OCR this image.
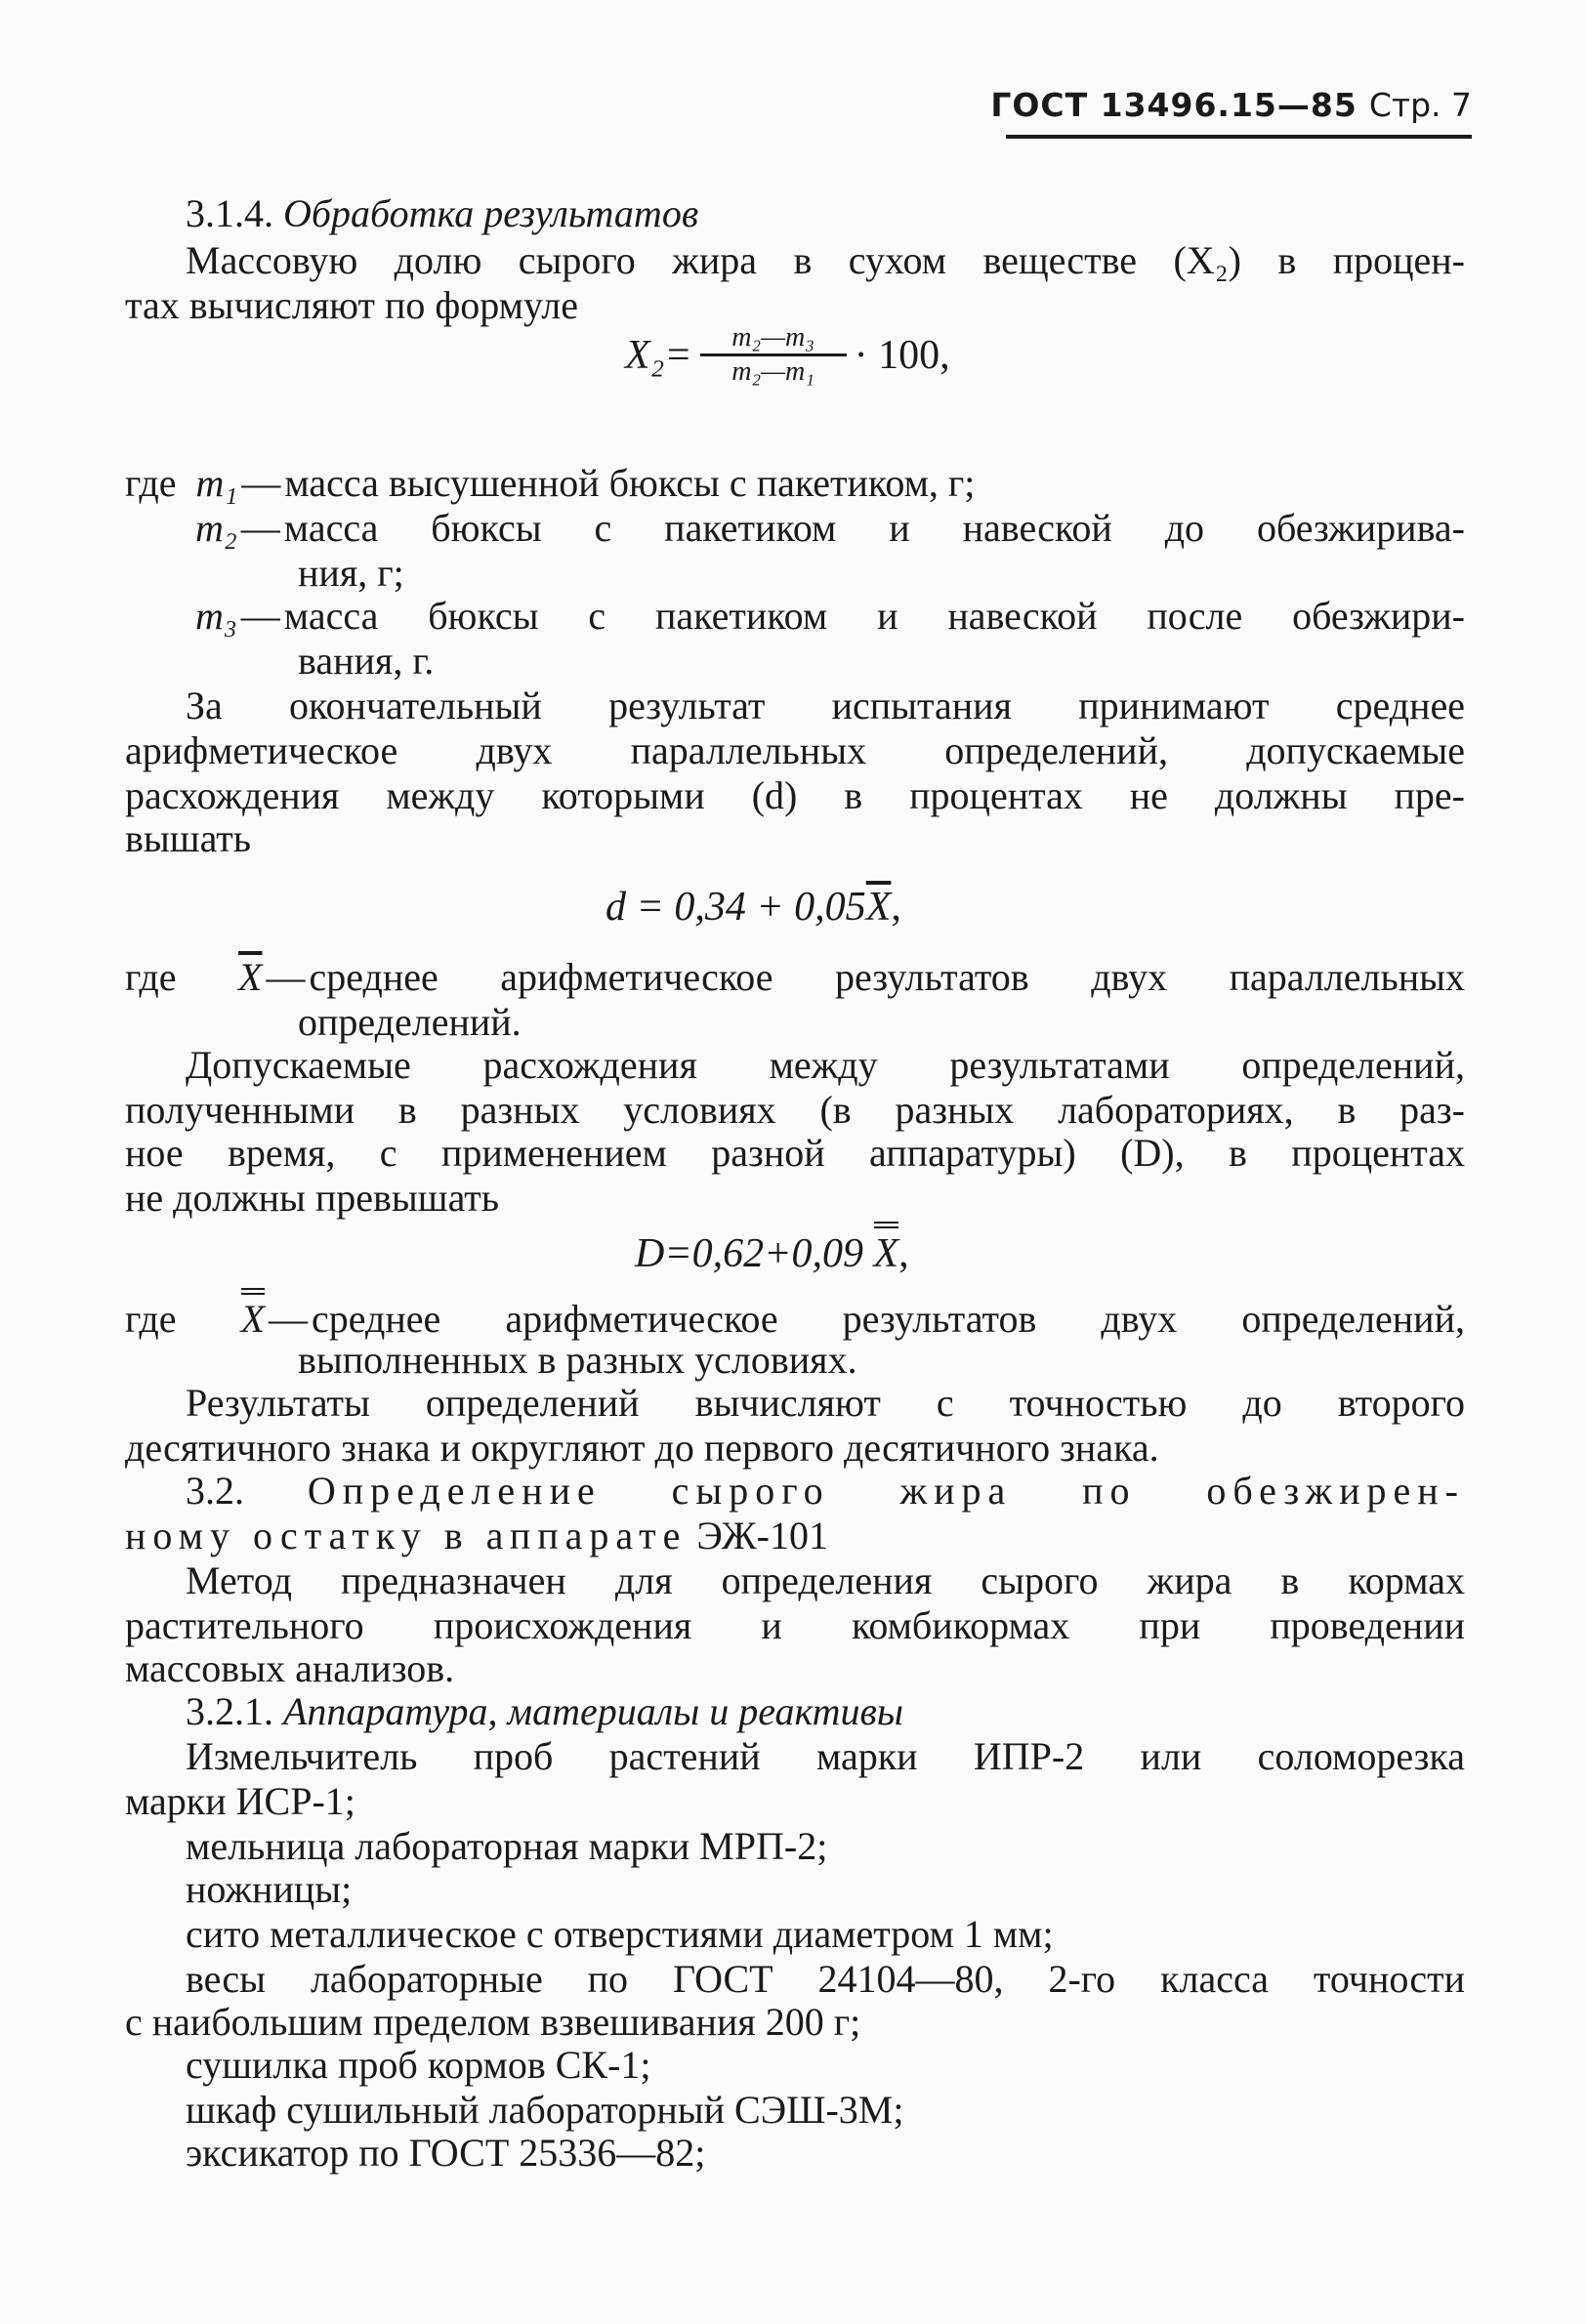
ГОСТ 13496.15—85 Стр. 7
3.1.4. Обработка результатов
Массовую долю сырого жира в сухом веществе (X₂) в процен-
тах вычисляют по формуле
$X_2= \frac{\text{m₂—m₃}}{\text{m₂—m₁}} \cdot 100$,
где m₁ — масса высушенной бюксы с пакетиком, г;
m₂ — масса бюксы с пакетиком и навеской до обезжирива-
ния, г;
m₃ — масса бюксы с пакетиком и навеской после обезжири-
вания, г.
За окончательный результат испытания принимают среднее
арифметическое двух параллельных определений, допускаемые
расхождения между которыми (d) в процентах не должны пре-
вышать
$d = 0,34 + 0,05\overline{X}$,
где $\overline{X}$ — среднее арифметическое результатов двух параллельных
определений.
Допускаемые расхождения между результатами определений,
полученными в разных условиях (в разных лабораториях, в раз-
ное время, с применением разной аппаратуры) (D), в процентах
не должны превышать
D=0,62+0,09 X,
где X — среднее арифметическое результатов двух определений,
выполненных в разных условиях.
Результаты определений вычисляют с точностью до второго
десятичного знака и округляют до первого десятичного знака.
3.2. Определение сырого жира по обезжирен-
ному остатку в аппарате ЭЖ-101
Метод предназначен для определения сырого жира в кормах
растительного происхождения и комбикормах при проведении
массовых анализов.
3.2.1. Аппаратура, материалы и реактивы
Измельчитель проб растений марки ИПР-2 или соломорезка
марки ИСР-1;
мельница лабораторная марки МРП-2;
ножницы;
сито металлическое с отверстиями диаметром 1 мм;
весы лабораторные по ГОСТ 24104—80, 2-го класса точности
с наибольшим пределом взвешивания 200 г;
сушилка проб кормов СК-1;
шкаф сушильный лабораторный СЭШ-3М;
эксикатор по ГОСТ 25336—82;
